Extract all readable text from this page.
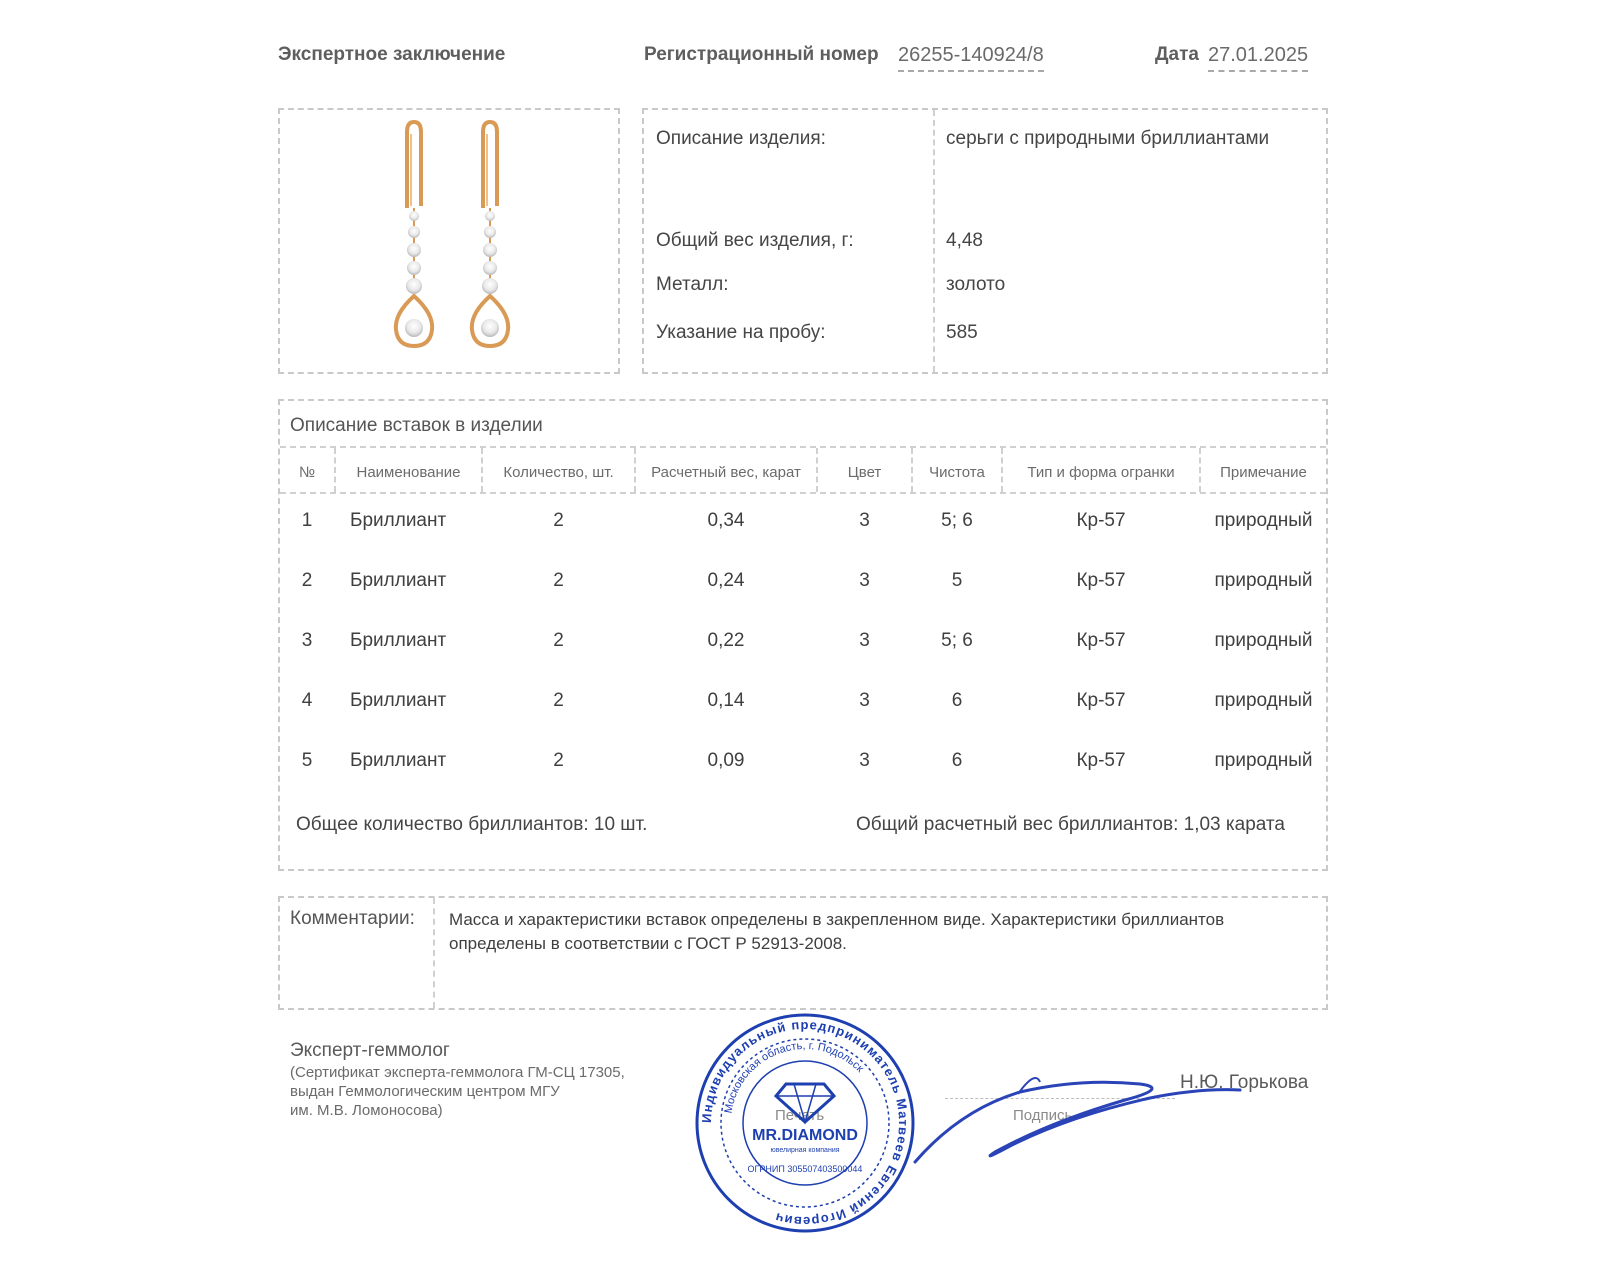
Экспертное заключение	Регистрационный номер 26255-140924/8	Дата 27.01.2025
Описание изделия:	серьги с природными бриллиантами
Общий вес изделия, г:	4,48
Металл:	золото
Указание на пробу:	585
Описание вставок в изделии
№	Наименование	Количество, шт.	Расчетный вес, карат	Цвет	Чистота	Тип и форма огранки	Примечание
1	Бриллиант	2	0,34	3	5; 6	Кр-57	природный
2	Бриллиант	2	0,24	3	5	Кр-57	природный
3	Бриллиант	2	0,22	3	5; 6	Кр-57	природный
4	Бриллиант	2	0,14	3	6	Кр-57	природный
5	Бриллиант	2	0,09	3	6	Кр-57	природный
Общее количество бриллиантов: 10 шт.	Общий расчетный вес бриллиантов: 1,03 карата
Комментарии: Масса и характеристики вставок определены в закрепленном виде. Характеристики бриллиантов определены в соответствии с ГОСТ Р 52913-2008.
Эксперт-геммолог
(Сертификат эксперта-геммолога ГМ-СЦ 17305,
выдан Геммологическим центром МГУ
им. М.В. Ломоносова)	Печать	Подпись
Н.Ю. Горькова
Индивидуальный предприниматель Матвеев Евгений Игоревич
Московская область, г. Подольск
MR.DIAMOND
ювелирная компания
ОГРНИП 305507403500044
